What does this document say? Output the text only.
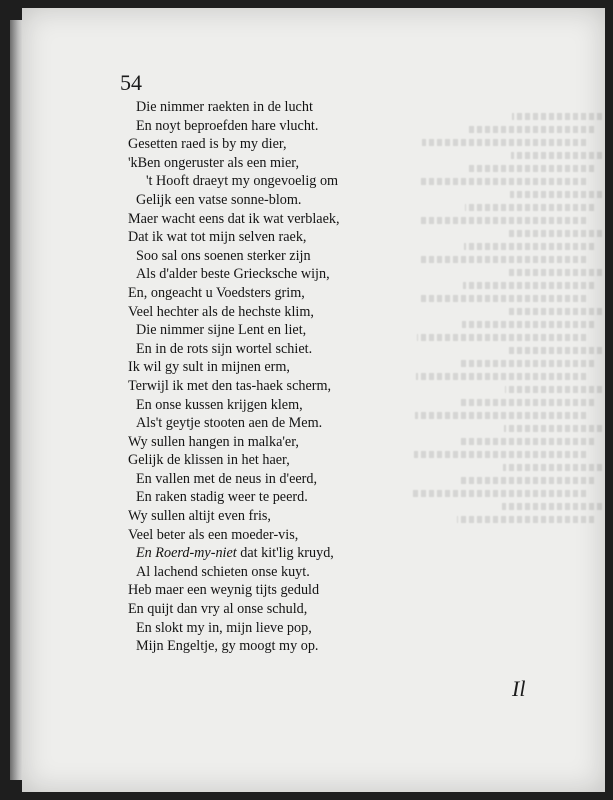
54
Die nimmer raekten in de lucht
En noyt beproefden hare vlucht.
Gesetten raed is by my dier,
'kBen ongeruster als een mier,
't Hooft draeyt my ongevoelig om
Gelijk een vatse sonne-blom.
Maer wacht eens dat ik wat verblaek,
Dat ik wat tot mijn selven raek,
Soo sal ons soenen sterker zijn
Als d'alder beste Griecksche wijn,
En, ongeacht u Voedsters grim,
Veel hechter als de hechste klim,
Die nimmer sijne Lent en liet,
En in de rots sijn wortel schiet.
Ik wil gy sult in mijnen erm,
Terwijl ik met den tas-haek scherm,
En onse kussen krijgen klem,
Als't geytje stooten aen de Mem.
Wy sullen hangen in malka'er,
Gelijk de klissen in het haer,
En vallen met de neus in d'eerd,
En raken stadig weer te peerd.
Wy sullen altijt even fris,
Veel beter als een moeder-vis,
En Roerd-my-niet dat kit'lig kruyd,
Al lachend schieten onse kuyt.
Heb maer een weynig tijts geduld
En quijt dan vry al onse schuld,
En slokt my in, mijn lieve pop,
Mijn Engeltje, gy moogt my op.
Il
